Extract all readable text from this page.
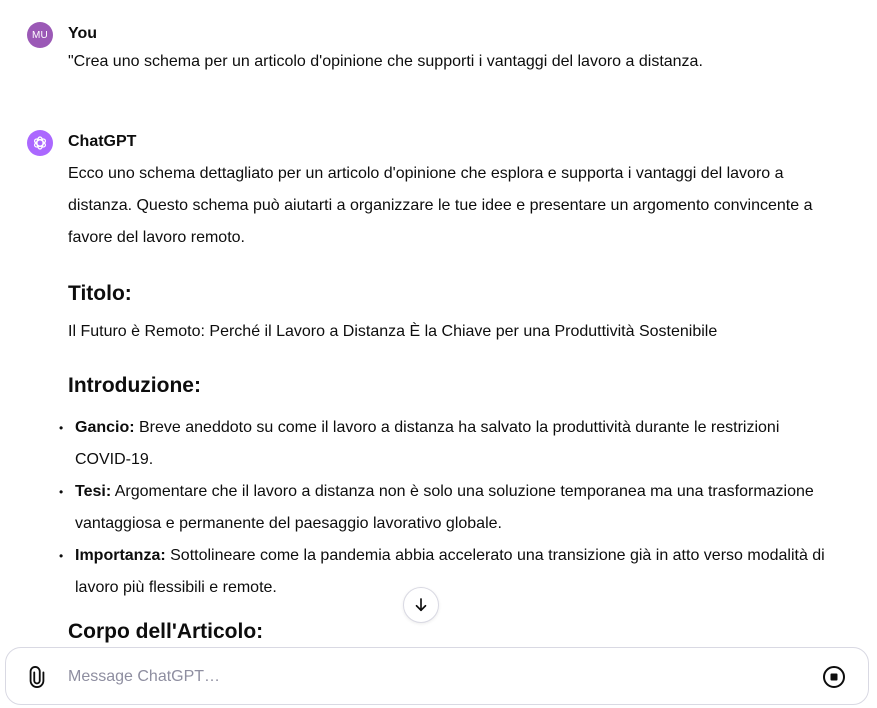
MU	You
"Crea uno schema per un articolo d'opinione che supporti i vantaggi del lavoro a distanza.
ChatGPT

Ecco uno schema dettagliato per un articolo d'opinione che esplora e supporta i vantaggi del lavoro a distanza. Questo schema può aiutarti a organizzare le tue idee e presentare un argomento convincente a favore del lavoro remoto.

Titolo:

Il Futuro è Remoto: Perché il Lavoro a Distanza È la Chiave per una Produttività Sostenibile

Introduzione:
• Gancio: Breve aneddoto su come il lavoro a distanza ha salvato la produttività durante le restrizioni COVID-19.
• Tesi: Argomentare che il lavoro a distanza non è solo una soluzione temporanea ma una trasformazione vantaggiosa e permanente del paesaggio lavorativo globale.
• Importanza: Sottolineare come la pandemia abbia accelerato una transizione già in atto verso modalità di lavoro più flessibili e remote.
Corpo dell'Articolo:
Message ChatGPT…
